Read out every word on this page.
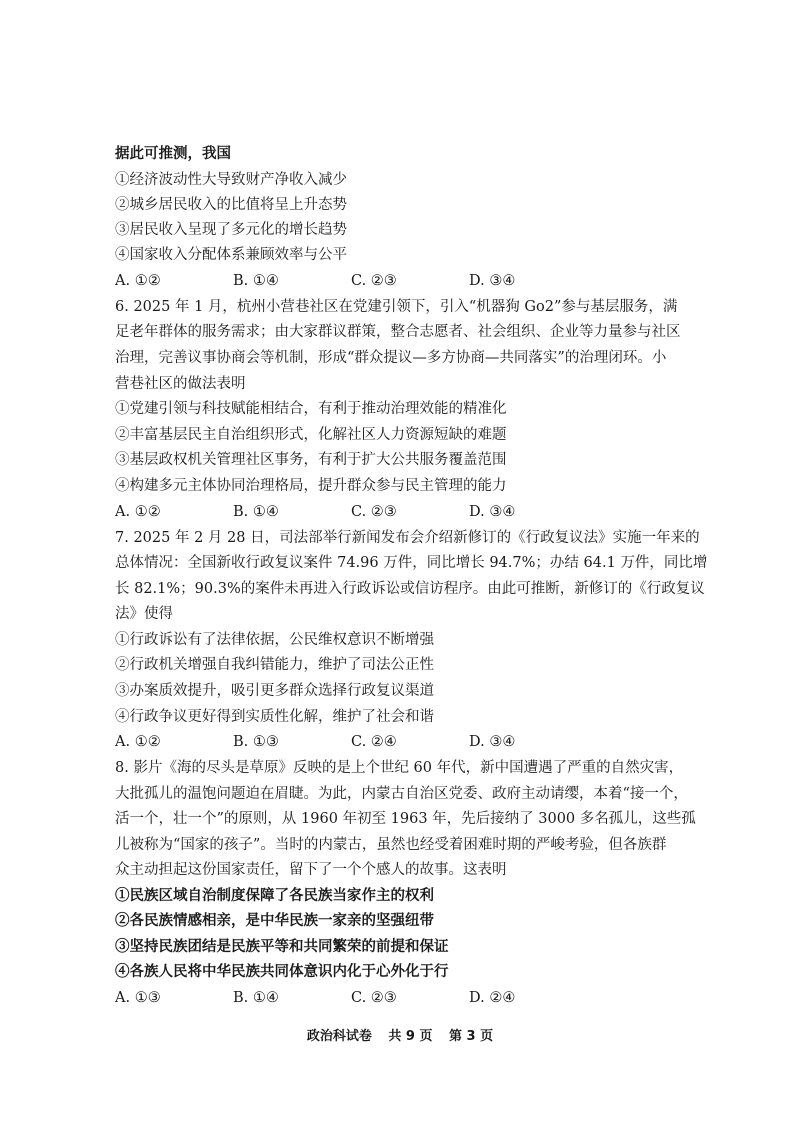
据此可推测，我国
①经济波动性大导致财产净收入减少
②城乡居民收入的比值将呈上升态势
③居民收入呈现了多元化的增长趋势
④国家收入分配体系兼顾效率与公平
A. ①②	B. ①④	C. ②③	D. ③④
6. 2025 年 1 月，杭州小营巷社区在党建引领下，引入“机器狗 Go2”参与基层服务，满
足老年群体的服务需求；由大家群议群策，整合志愿者、社会组织、企业等力量参与社区
治理，完善议事协商会等机制，形成“群众提议—多方协商—共同落实”的治理闭环。小
营巷社区的做法表明
①党建引领与科技赋能相结合，有利于推动治理效能的精准化
②丰富基层民主自治组织形式，化解社区人力资源短缺的难题
③基层政权机关管理社区事务，有利于扩大公共服务覆盖范围
④构建多元主体协同治理格局，提升群众参与民主管理的能力
A. ①②	B. ①④	C. ②③	D. ③④
7. 2025 年 2 月 28 日，司法部举行新闻发布会介绍新修订的《行政复议法》实施一年来的
总体情况：全国新收行政复议案件 74.96 万件，同比增长 94.7%；办结 64.1 万件，同比增
长 82.1%；90.3%的案件未再进入行政诉讼或信访程序。由此可推断，新修订的《行政复议
法》使得
①行政诉讼有了法律依据，公民维权意识不断增强
②行政机关增强自我纠错能力，维护了司法公正性
③办案质效提升，吸引更多群众选择行政复议渠道
④行政争议更好得到实质性化解，维护了社会和谐
A. ①②	B. ①③	C. ②④	D. ③④
8. 影片《海的尽头是草原》反映的是上个世纪 60 年代，新中国遭遇了严重的自然灾害，
大批孤儿的温饱问题迫在眉睫。为此，内蒙古自治区党委、政府主动请缨，本着“接一个，
活一个，壮一个”的原则，从 1960 年初至 1963 年，先后接纳了 3000 多名孤儿，这些孤
儿被称为“国家的孩子”。当时的内蒙古，虽然也经受着困难时期的严峻考验，但各族群
众主动担起这份国家责任，留下了一个个感人的故事。这表明
①民族区域自治制度保障了各民族当家作主的权利
②各民族情感相亲，是中华民族一家亲的坚强纽带
③坚持民族团结是民族平等和共同繁荣的前提和保证
④各族人民将中华民族共同体意识内化于心外化于行
A. ①③	B. ①④	C. ②③	D. ②④
政治科试卷 共 9 页 第 3 页
